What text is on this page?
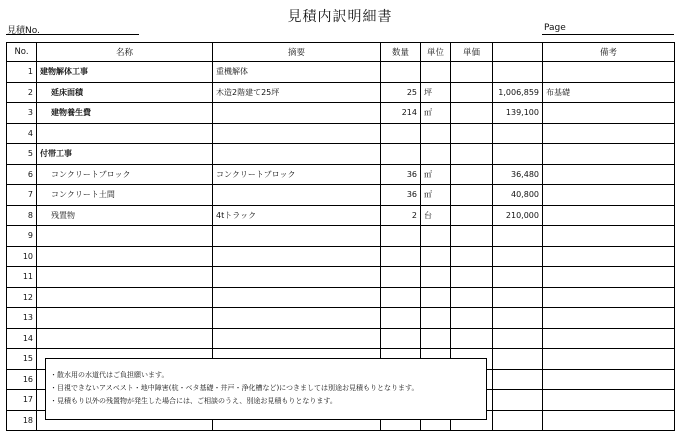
見積内訳明細書
見積No.	Page
No.	名称	摘要	数量	単位	単価		備考
1	建物解体工事	重機解体					
2	延床面積	木造2階建て25坪	25	坪		1,006,859	布基礎
3	建物養生費		214	㎡		139,100	
4							
5	付帯工事						
6	コンクリートブロック	コンクリートブロック	36	㎡		36,480	
7	コンクリート土間		36	㎡		40,800	
8	残置物	4tトラック	2	台		210,000	
9							
10							
11							
12							
13							
14							
15							
16							
17							
18							
・散水用の水道代はご負担願います。
・目視できないアスベスト・地中障害(杭・ベタ基礎・井戸・浄化槽など)につきましては別途お見積もりとなります。
・見積もり以外の残置物が発生した場合には、ご相談のうえ、別途お見積もりとなります。
